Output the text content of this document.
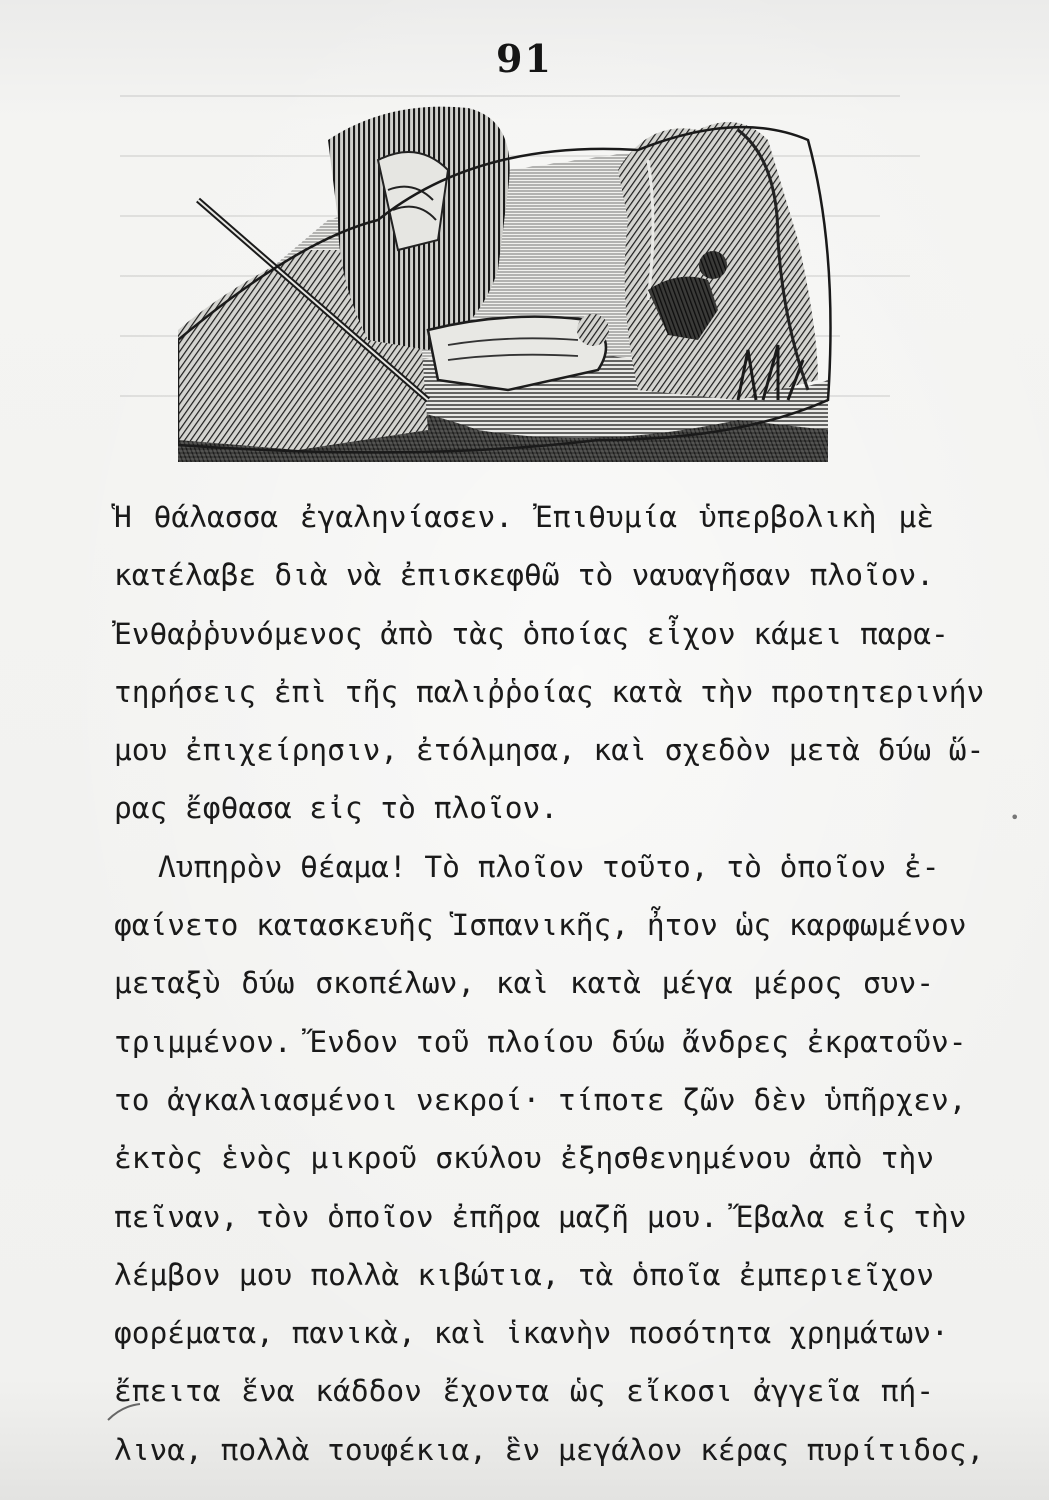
91
Ἡ θάλασσα ἐγαληνίασεν. Ἐπιθυμία ὑπερβολικὴ μὲ
κατέλαβε διὰ νὰ ἐπισκεφθῶ τὸ ναυαγῆσαν πλοῖον.
Ἐνθαῤῥυνόμενος ἀπὸ τὰς ὁποίας εἶχον κάμει παρα-
τηρήσεις ἐπὶ τῆς παλιῤῥοίας κατὰ τὴν προτητερινήν
μου ἐπιχείρησιν, ἐτόλμησα, καὶ σχεδὸν μετὰ δύω ὥ-
ρας ἔφθασα εἰς τὸ πλοῖον.
Λυπηρὸν θέαμα! Τὸ πλοῖον τοῦτο, τὸ ὁποῖον ἐ-
φαίνετο κατασκευῆς Ἱσπανικῆς, ἦτον ὡς καρφωμένον
μεταξὺ δύω σκοπέλων, καὶ κατὰ μέγα μέρος συν-
τριμμένον. Ἔνδον τοῦ πλοίου δύω ἄνδρες ἐκρατοῦν-
το ἀγκαλιασμένοι νεκροί· τίποτε ζῶν δὲν ὑπῆρχεν,
ἐκτὸς ἑνὸς μικροῦ σκύλου ἐξησθενημένου ἀπὸ τὴν
πεῖναν, τὸν ὁποῖον ἐπῆρα μαζῆ μου. Ἔβαλα εἰς τὴν
λέμβον μου πολλὰ κιβώτια, τὰ ὁποῖα ἐμπεριεῖχον
φορέματα, πανικὰ, καὶ ἱκανὴν ποσότητα χρημάτων·
ἔπειτα ἕνα κάδδον ἔχοντα ὡς εἴκοσι ἀγγεῖα πή-
λινα, πολλὰ τουφέκια, ἓν μεγάλον κέρας πυρίτιδος,
•
